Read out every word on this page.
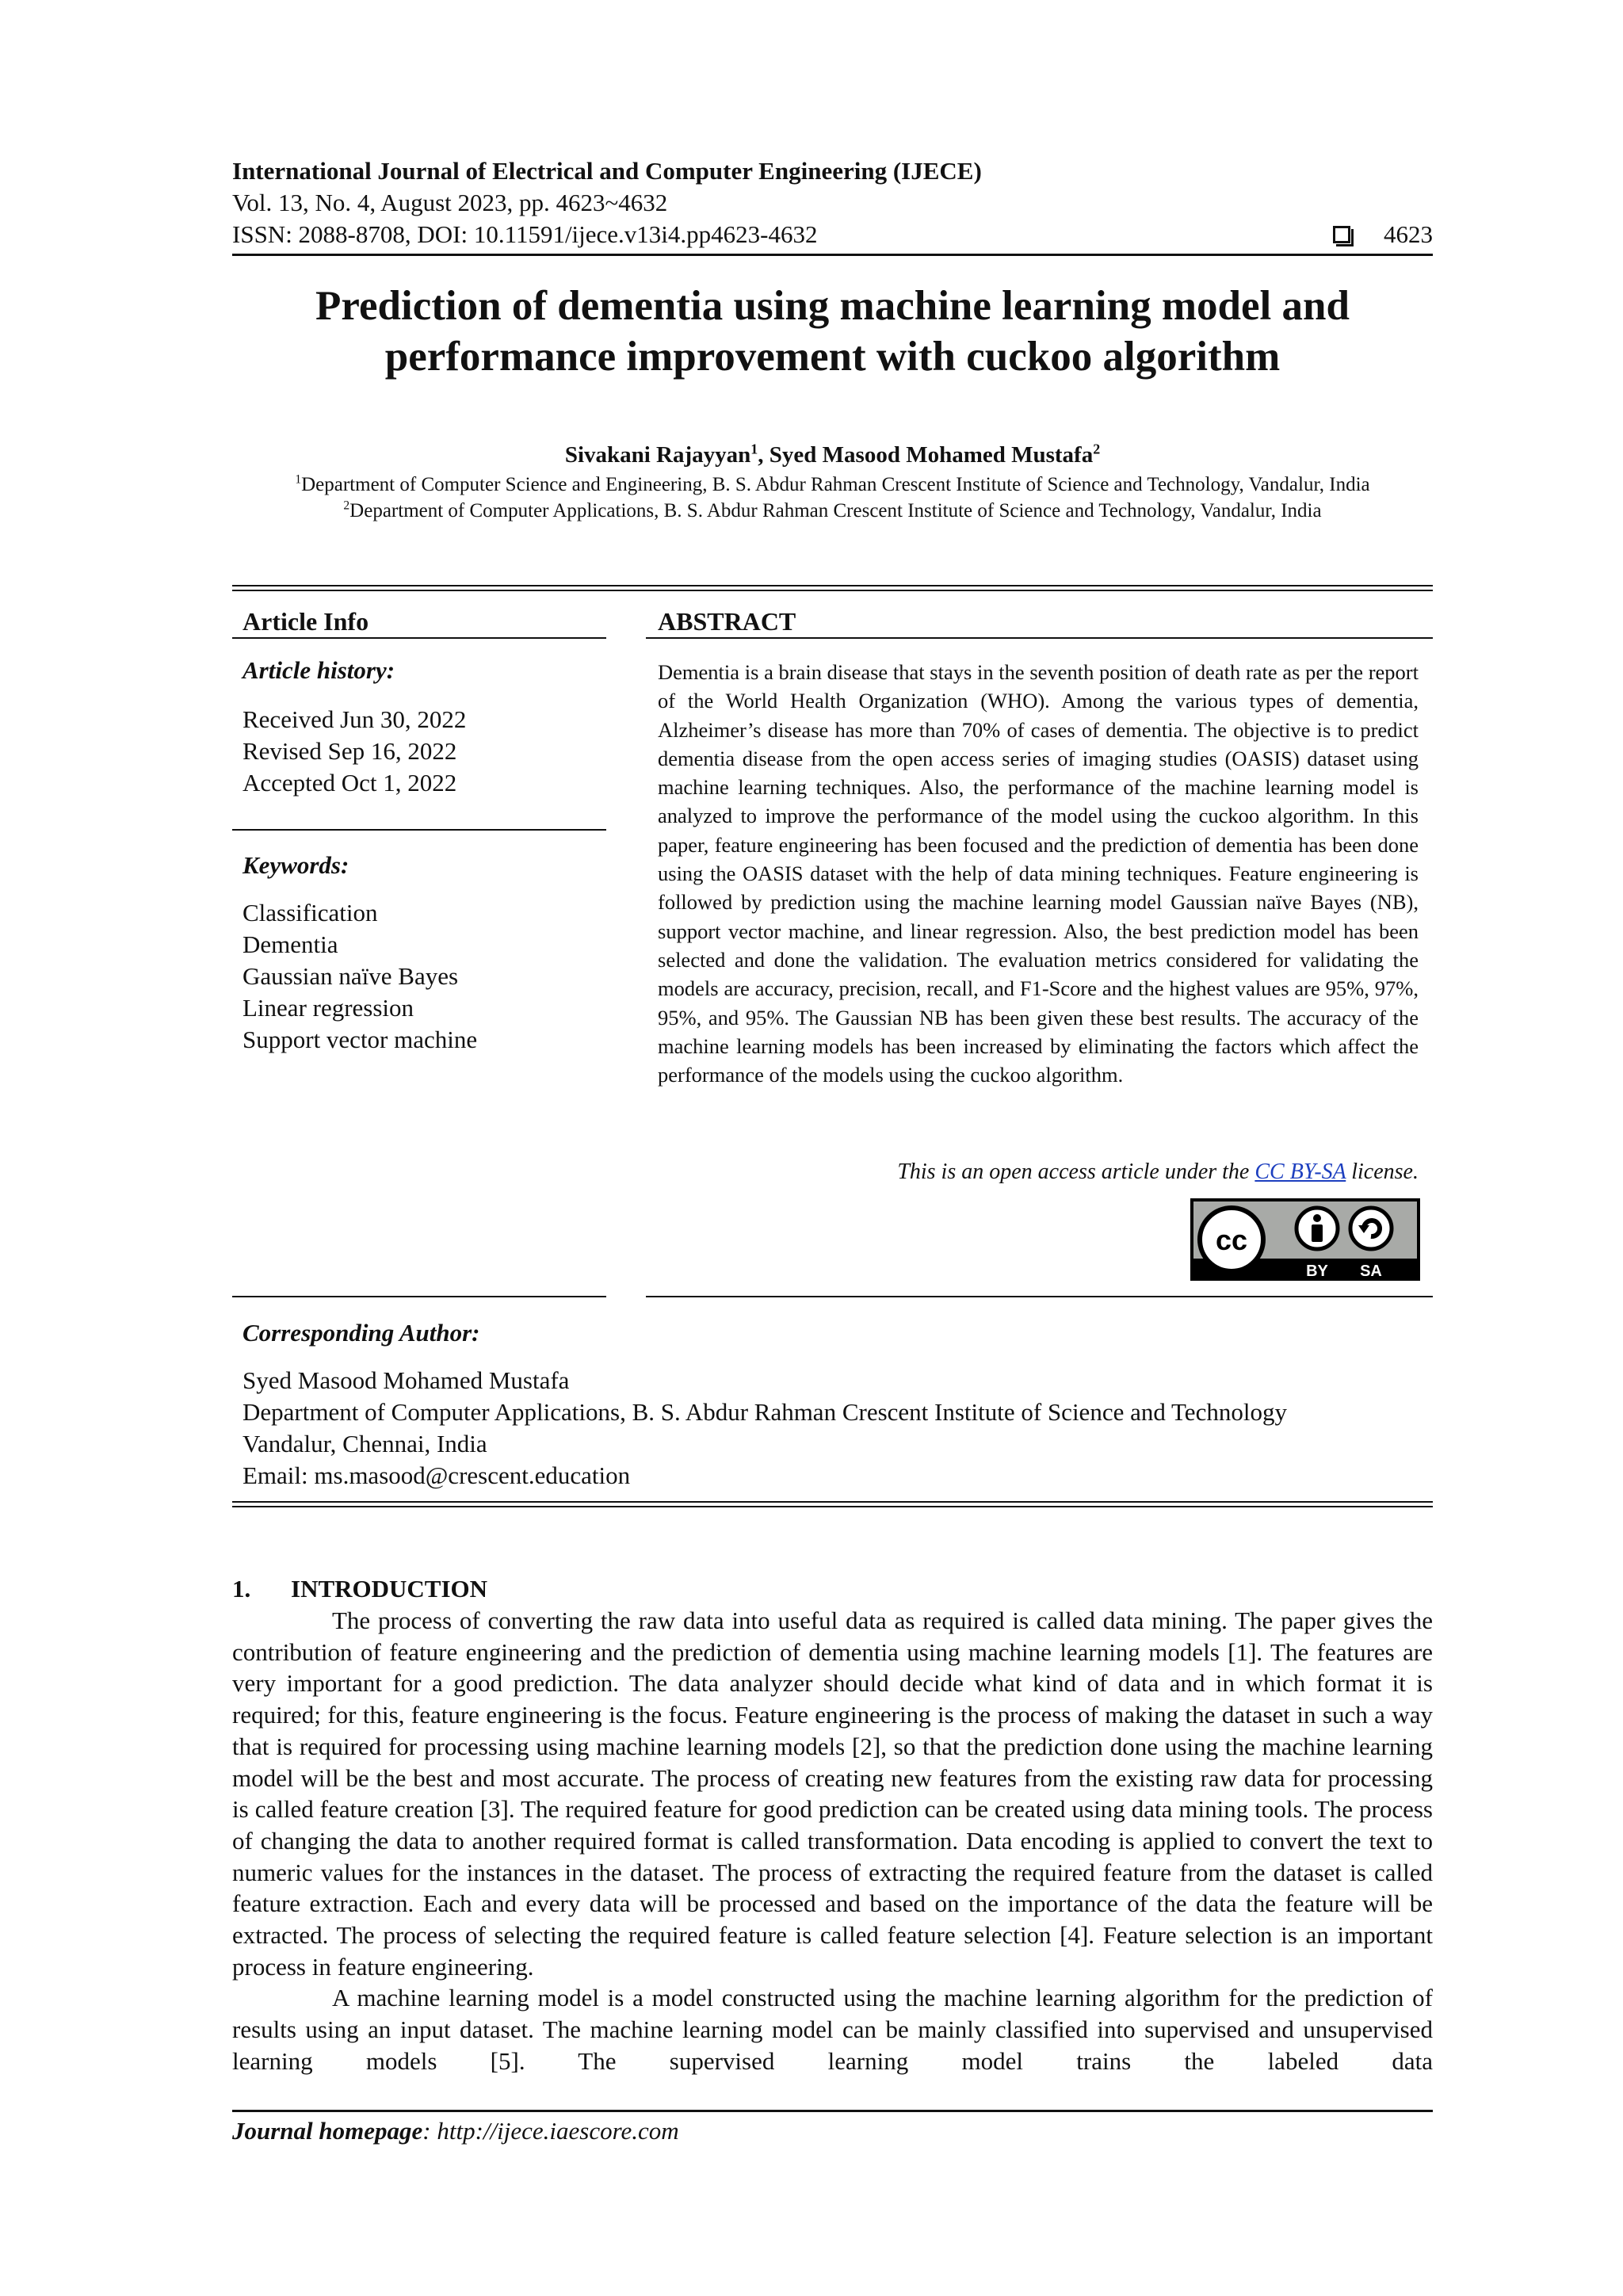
International Journal of Electrical and Computer Engineering (IJECE)
Vol. 13, No. 4, August 2023, pp. 4623~4632
ISSN: 2088-8708, DOI: 10.11591/ijece.v13i4.pp4623-4632	4623
Prediction of dementia using machine learning model and
performance improvement with cuckoo algorithm
Sivakani Rajayyan$^1$, Syed Masood Mohamed Mustafa$^2$
$^1$Department of Computer Science and Engineering, B. S. Abdur Rahman Crescent Institute of Science and Technology, Vandalur, India
$^2$Department of Computer Applications, B. S. Abdur Rahman Crescent Institute of Science and Technology, Vandalur, India
Article Info
Article history:
Received Jun 30, 2022
Revised Sep 16, 2022
Accepted Oct 1, 2022
Keywords:
Classification
Dementia
Gaussian naïve Bayes
Linear regression
Support vector machine
ABSTRACT
Dementia is a brain disease that stays in the seventh position of death rate as per the report of the World Health Organization (WHO). Among the various types of dementia, Alzheimer’s disease has more than 70% of cases of dementia. The objective is to predict dementia disease from the open access series of imaging studies (OASIS) dataset using machine learning techniques. Also, the performance of the machine learning model is analyzed to improve the performance of the model using the cuckoo algorithm. In this paper, feature engineering has been focused and the prediction of dementia has been done using the OASIS dataset with the help of data mining techniques. Feature engineering is followed by prediction using the machine learning model Gaussian naïve Bayes (NB), support vector machine, and linear regression. Also, the best prediction model has been selected and done the validation. The evaluation metrics considered for validating the models are accuracy, precision, recall, and F1-Score and the highest values are 95%, 97%, 95%, and 95%. The Gaussian NB has been given these best results. The accuracy of the machine learning models has been increased by eliminating the factors which affect the performance of the models using the cuckoo algorithm.
This is an open access article under the CC BY-SA license.
cc
BY SA
Corresponding Author:
Syed Masood Mohamed Mustafa
Department of Computer Applications, B. S. Abdur Rahman Crescent Institute of Science and Technology
Vandalur, Chennai, India
Email: ms.masood@crescent.education
1. INTRODUCTION

The process of converting the raw data into useful data as required is called data mining. The paper gives the contribution of feature engineering and the prediction of dementia using machine learning models [1]. The features are very important for a good prediction. The data analyzer should decide what kind of data and in which format it is required; for this, feature engineering is the focus. Feature engineering is the process of making the dataset in such a way that is required for processing using machine learning models [2], so that the prediction done using the machine learning model will be the best and most accurate. The process of creating new features from the existing raw data for processing is called feature creation [3]. The required feature for good prediction can be created using data mining tools. The process of changing the data to another required format is called transformation. Data encoding is applied to convert the text to numeric values for the instances in the dataset. The process of extracting the required feature from the dataset is called feature extraction. Each and every data will be processed and based on the importance of the data the feature will be extracted. The process of selecting the required feature is called feature selection [4]. Feature selection is an important process in feature engineering.

A machine learning model is a model constructed using the machine learning algorithm for the prediction of results using an input dataset. The machine learning model can be mainly classified into supervised and unsupervised learning models [5]. The supervised learning model trains the labeled data

Journal homepage: http://ijece.iaescore.com
